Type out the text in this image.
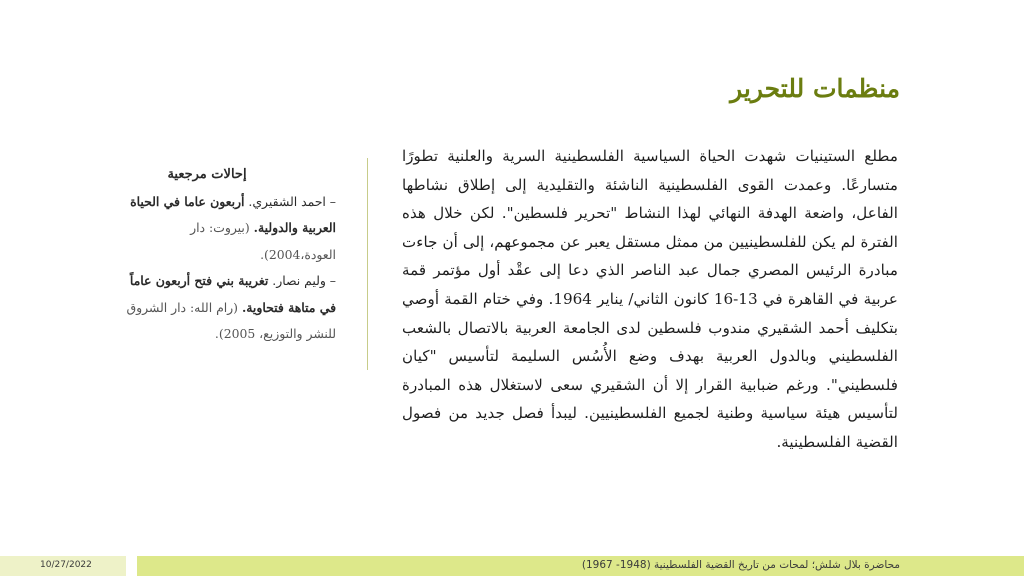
منظمات للتحرير
مطلع الستينيات شهدت الحياة السياسية الفلسطينية السرية والعلنية تطورًا متسارعًا. وعمدت القوى الفلسطينية الناشئة والتقليدية إلى إطلاق نشاطها الفاعل، واضعة الهدفة النهائي لهذا النشاط "تحرير فلسطين". لكن خلال هذه الفترة لم يكن للفلسطينيين من ممثل مستقل يعبر عن مجموعهم، إلى أن جاءت مبادرة الرئيس المصري جمال عبد الناصر الذي دعا إلى عقْد أول مؤتمر قمة عربية في القاهرة في 13-16 كانون الثاني/ يناير 1964. وفي ختام القمة أوصي بتكليف أحمد الشقيري مندوب فلسطين لدى الجامعة العربية بالاتصال بالشعب الفلسطيني وبالدول العربية بهدف وضع الأُسُس السليمة لتأسيس "كيان فلسطيني". ورغم ضبابية القرار إلا أن الشقيري سعى لاستغلال هذه المبادرة لتأسيس هيئة سياسية وطنية لجميع الفلسطينيين. ليبدأ فصل جديد من فصول القضية الفلسطينية.
إحالات مرجعية

– احمد الشقيري. أربعون عاما في الحياة العربية والدولية. (بيروت: دار العودة،2004).

– وليم نصار. تغريبة بني فتح أربعون عاماً في متاهة فتحاوية. (رام الله: دار الشروق للنشر والتوزيع، 2005).

محاضرة بلال شلش؛ لمحات من تاريخ القضية الفلسطينية (1948- 1967)
10/27/2022
